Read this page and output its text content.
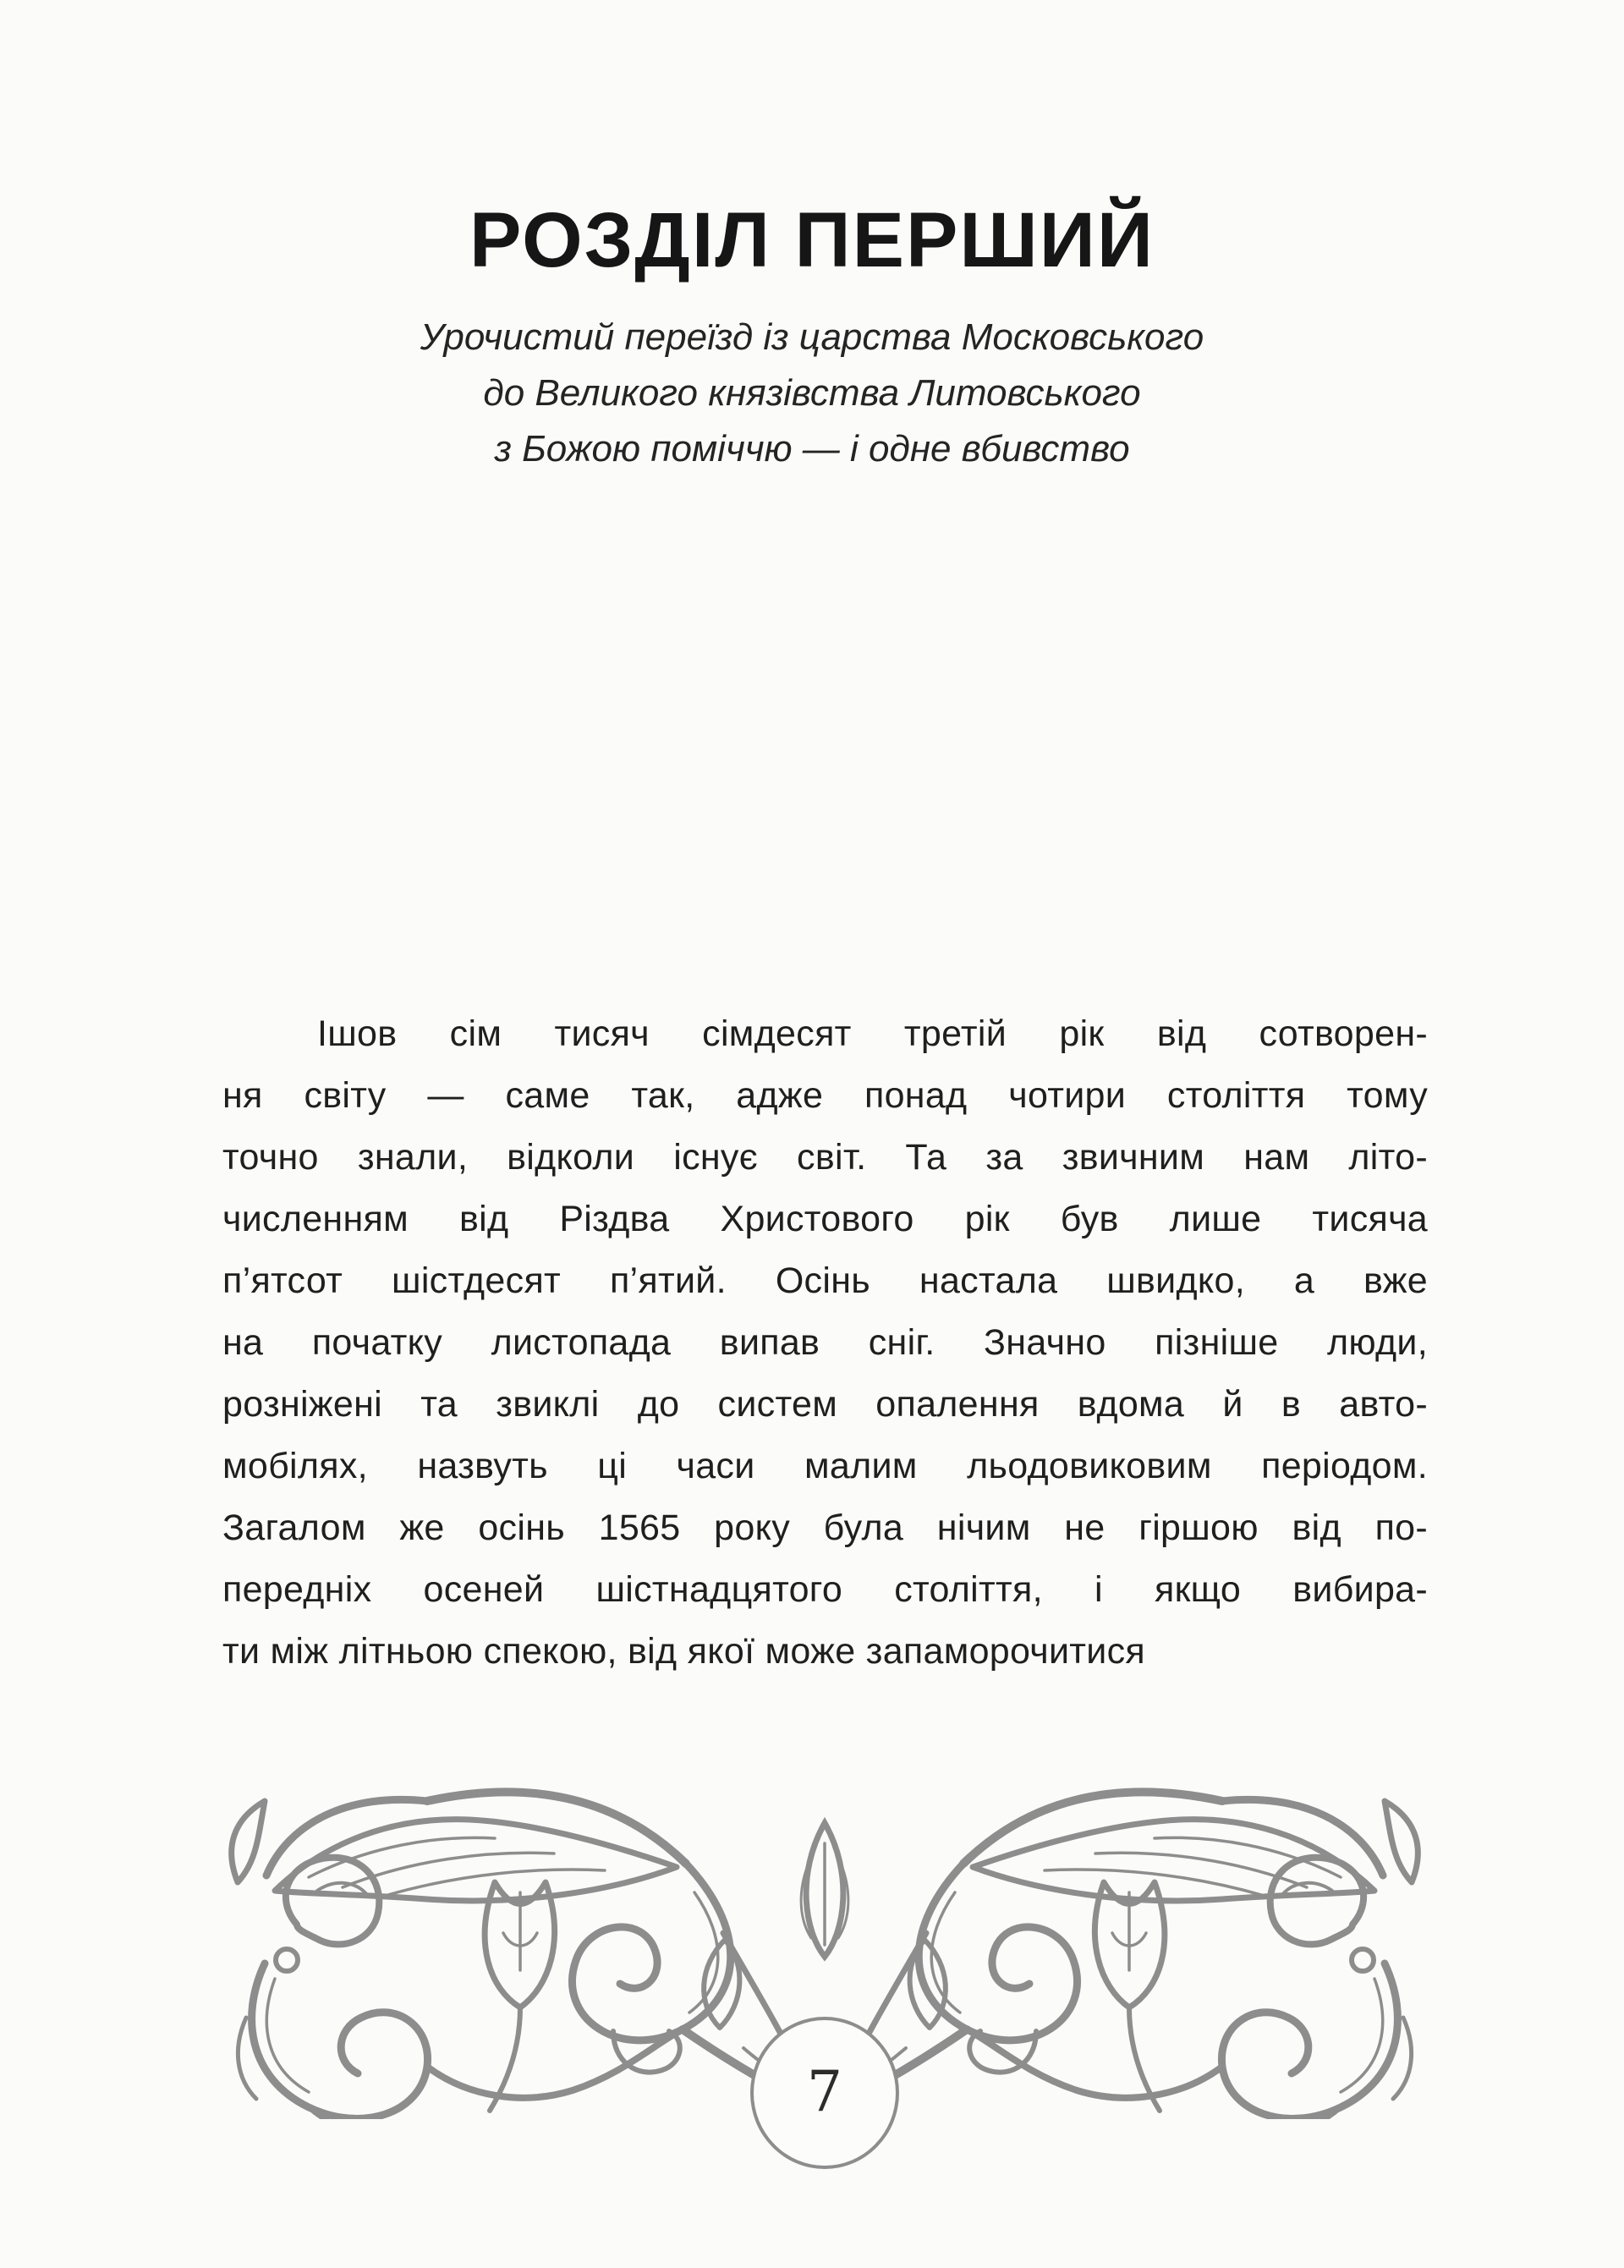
РОЗДІЛ ПЕРШИЙ
Урочистий переїзд із царства Московського
до Великого князівства Литовського
з Божою поміччю — і одне вбивство
Ішов сім тисяч сімдесят третій рік від сотворен-
ня світу — саме так, адже понад чотири століття тому
точно знали, відколи існує світ. Та за звичним нам літо-
численням від Різдва Христового рік був лише тисяча
п’ятсот шістдесят п’ятий. Осінь настала швидко, а вже
на початку листопада випав сніг. Значно пізніше люди,
розніжені та звиклі до систем опалення вдома й в авто-
мобілях, назвуть ці часи малим льодовиковим періодом.
Загалом же осінь 1565 року була нічим не гіршою від по-
передніх осеней шістнадцятого століття, і якщо вибира-
ти між літньою спекою, від якої може запаморочитися
7
